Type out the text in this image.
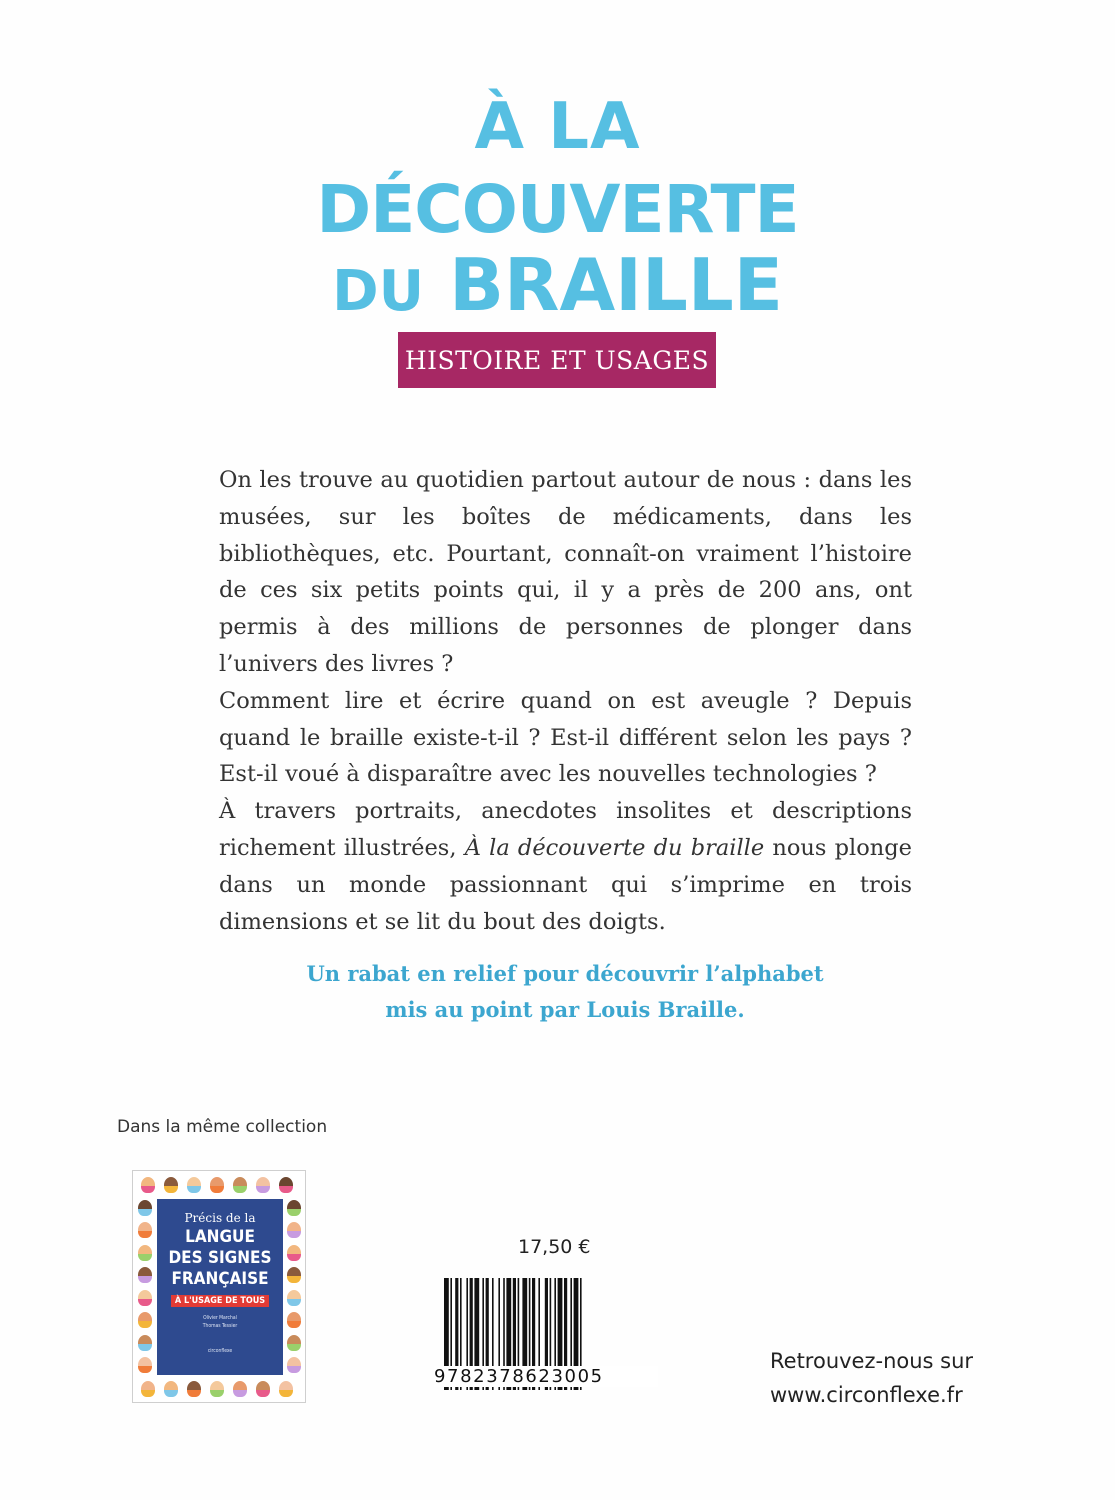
À LA
DÉCOUVERTE
DU BRAILLE
HISTOIRE ET USAGES

On les trouve au quotidien partout autour de nous : dans les musées, sur les boîtes de médicaments, dans les bibliothèques, etc. Pourtant, connaît-on vraiment l’histoire de ces six petits points qui, il y a près de 200 ans, ont permis à des millions de personnes de plonger dans l’univers des livres ?

Comment lire et écrire quand on est aveugle ? Depuis quand le braille existe-t-il ? Est-il différent selon les pays ? Est-il voué à disparaître avec les nouvelles technologies ?

À travers portraits, anecdotes insolites et descriptions richement illustrées, À la découverte du braille nous plonge dans un monde passionnant qui s’imprime en trois dimensions et se lit du bout des doigts.

Un rabat en relief pour découvrir l’alphabet
mis au point par Louis Braille.
Dans la même collection
Précis de la
LANGUE
DES SIGNES
FRANÇAISE
À L'USAGE DE TOUS
Olivier Marchal
Thomas Tessier
circonflexe
17,50 €
9782378623005
Retrouvez-nous sur
www.circonflexe.fr
